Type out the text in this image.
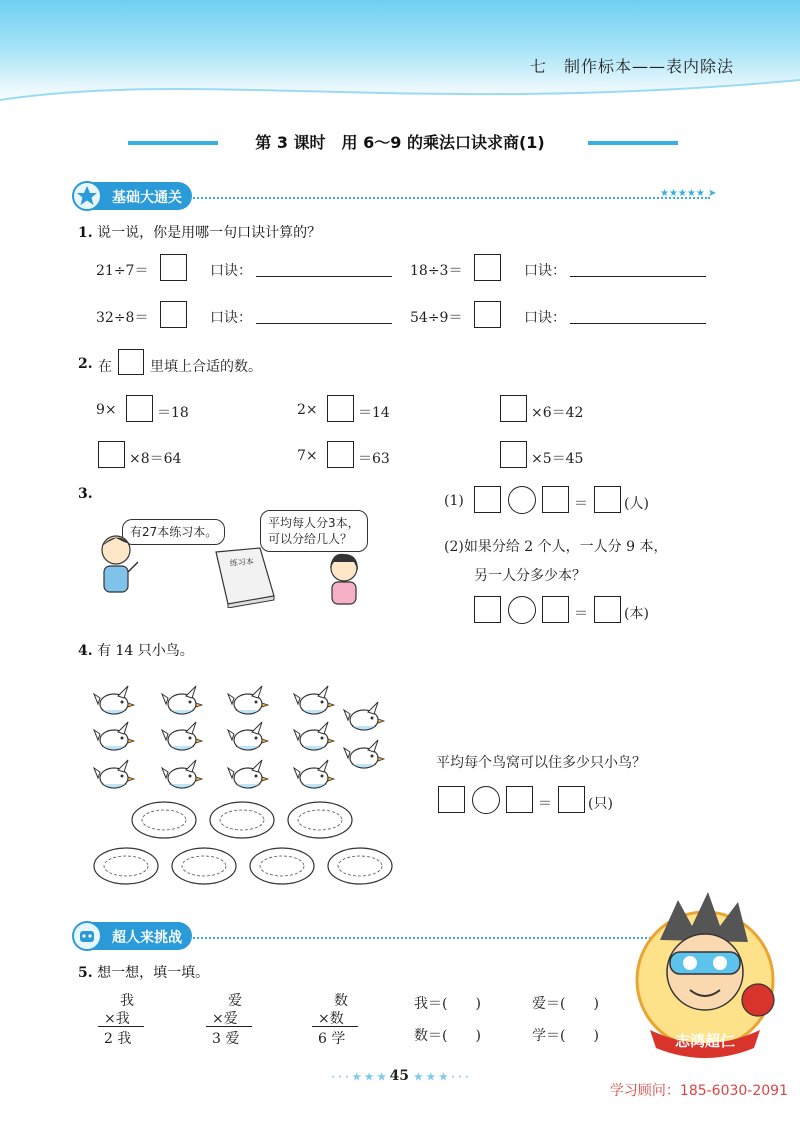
七　制作标本——表内除法
第 3 课时　用 6～9 的乘法口诀求商(1)
基础大通关	★★★★★ ➤
1. 说一说，你是用哪一句口诀计算的？
21÷7＝	口诀：	18÷3＝	口诀：
32÷8＝	口诀：	54÷9＝	口诀：
2. 在	里填上合适的数。
9×	＝18	2×	＝14	×6＝42
×8＝64	7×	＝63	×5＝45
3.
有27本练习本。
平均每人分3本，
可以分给几人？
练习本
(1)	＝	(人)
(2)如果分给 2 个人，一人分 9 本，
另一人分多少本？
＝	(本)
4. 有 14 只小鸟。
平均每个鸟窝可以住多少只小鸟？
＝	(只)
超人来挑战
5. 想一想，填一填。
我
×我
2 我
爱
×爱
3 爱
数
×数
6 学
我＝(　　)	爱＝(　　)
数＝(　　)	学＝(　　)	志鸿超仁
· · · ★ ★ ★ 45 ★ ★ ★ · · ·
学习顾问：185-6030-2091
